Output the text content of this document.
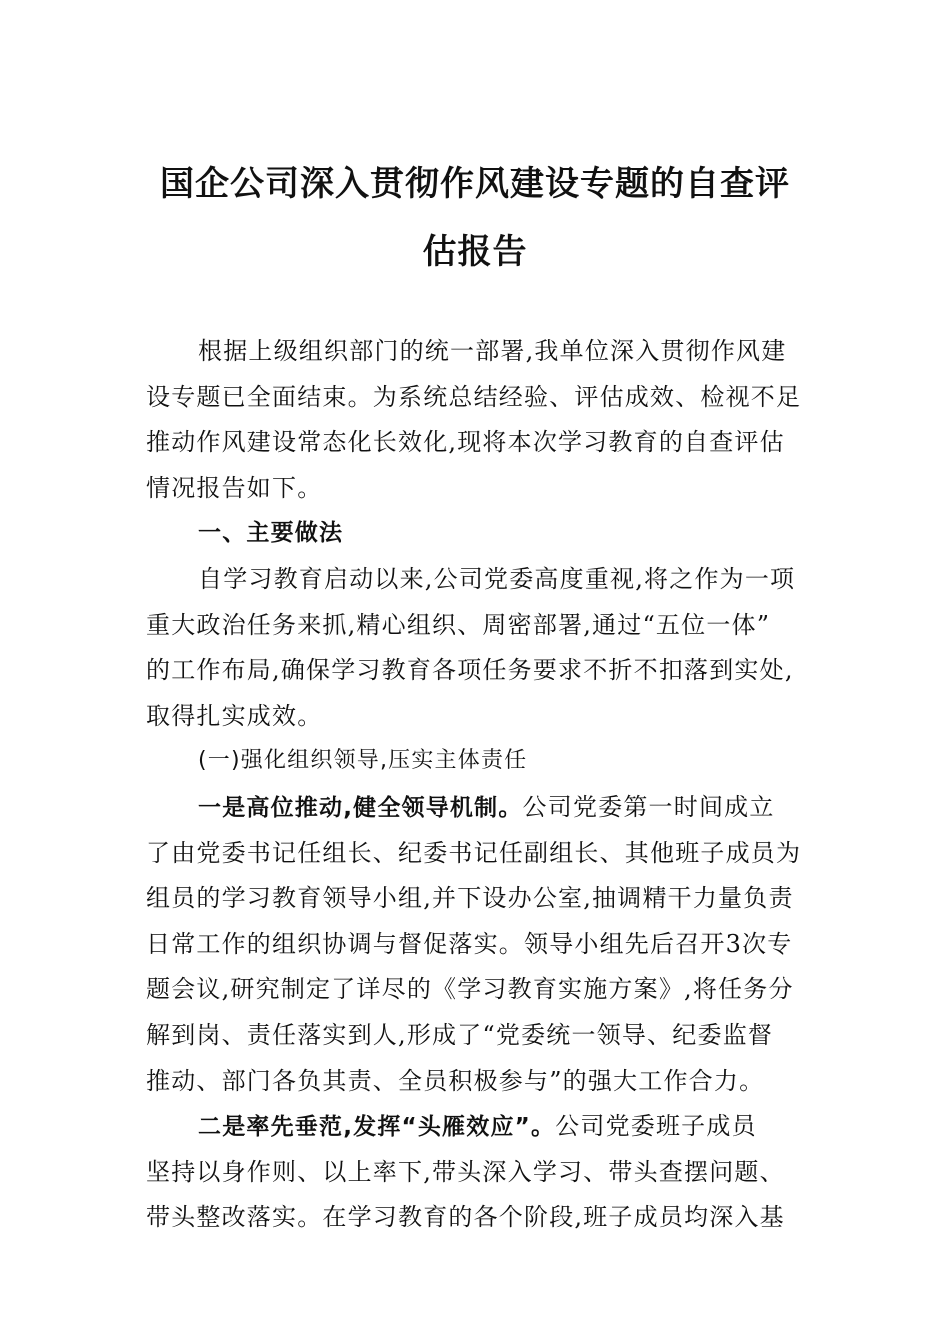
国企公司深入贯彻作风建设专题的自查评
估报告
根据上级组织部门的统一部署,我单位深入贯彻作风建
设专题已全面结束。为系统总结经验、评估成效、检视不足
推动作风建设常态化长效化,现将本次学习教育的自查评估
情况报告如下。
一、主要做法
自学习教育启动以来,公司党委高度重视,将之作为一项
重大政治任务来抓,精心组织、周密部署,通过“五位一体”
的工作布局,确保学习教育各项任务要求不折不扣落到实处,
取得扎实成效。
(一)强化组织领导,压实主体责任
一是高位推动,健全领导机制。公司党委第一时间成立
了由党委书记任组长、纪委书记任副组长、其他班子成员为
组员的学习教育领导小组,并下设办公室,抽调精干力量负责
日常工作的组织协调与督促落实。领导小组先后召开3次专
题会议,研究制定了详尽的《学习教育实施方案》,将任务分
解到岗、责任落实到人,形成了“党委统一领导、纪委监督
推动、部门各负其责、全员积极参与”的强大工作合力。
二是率先垂范,发挥“头雁效应”。公司党委班子成员
坚持以身作则、以上率下,带头深入学习、带头查摆问题、
带头整改落实。在学习教育的各个阶段,班子成员均深入基
